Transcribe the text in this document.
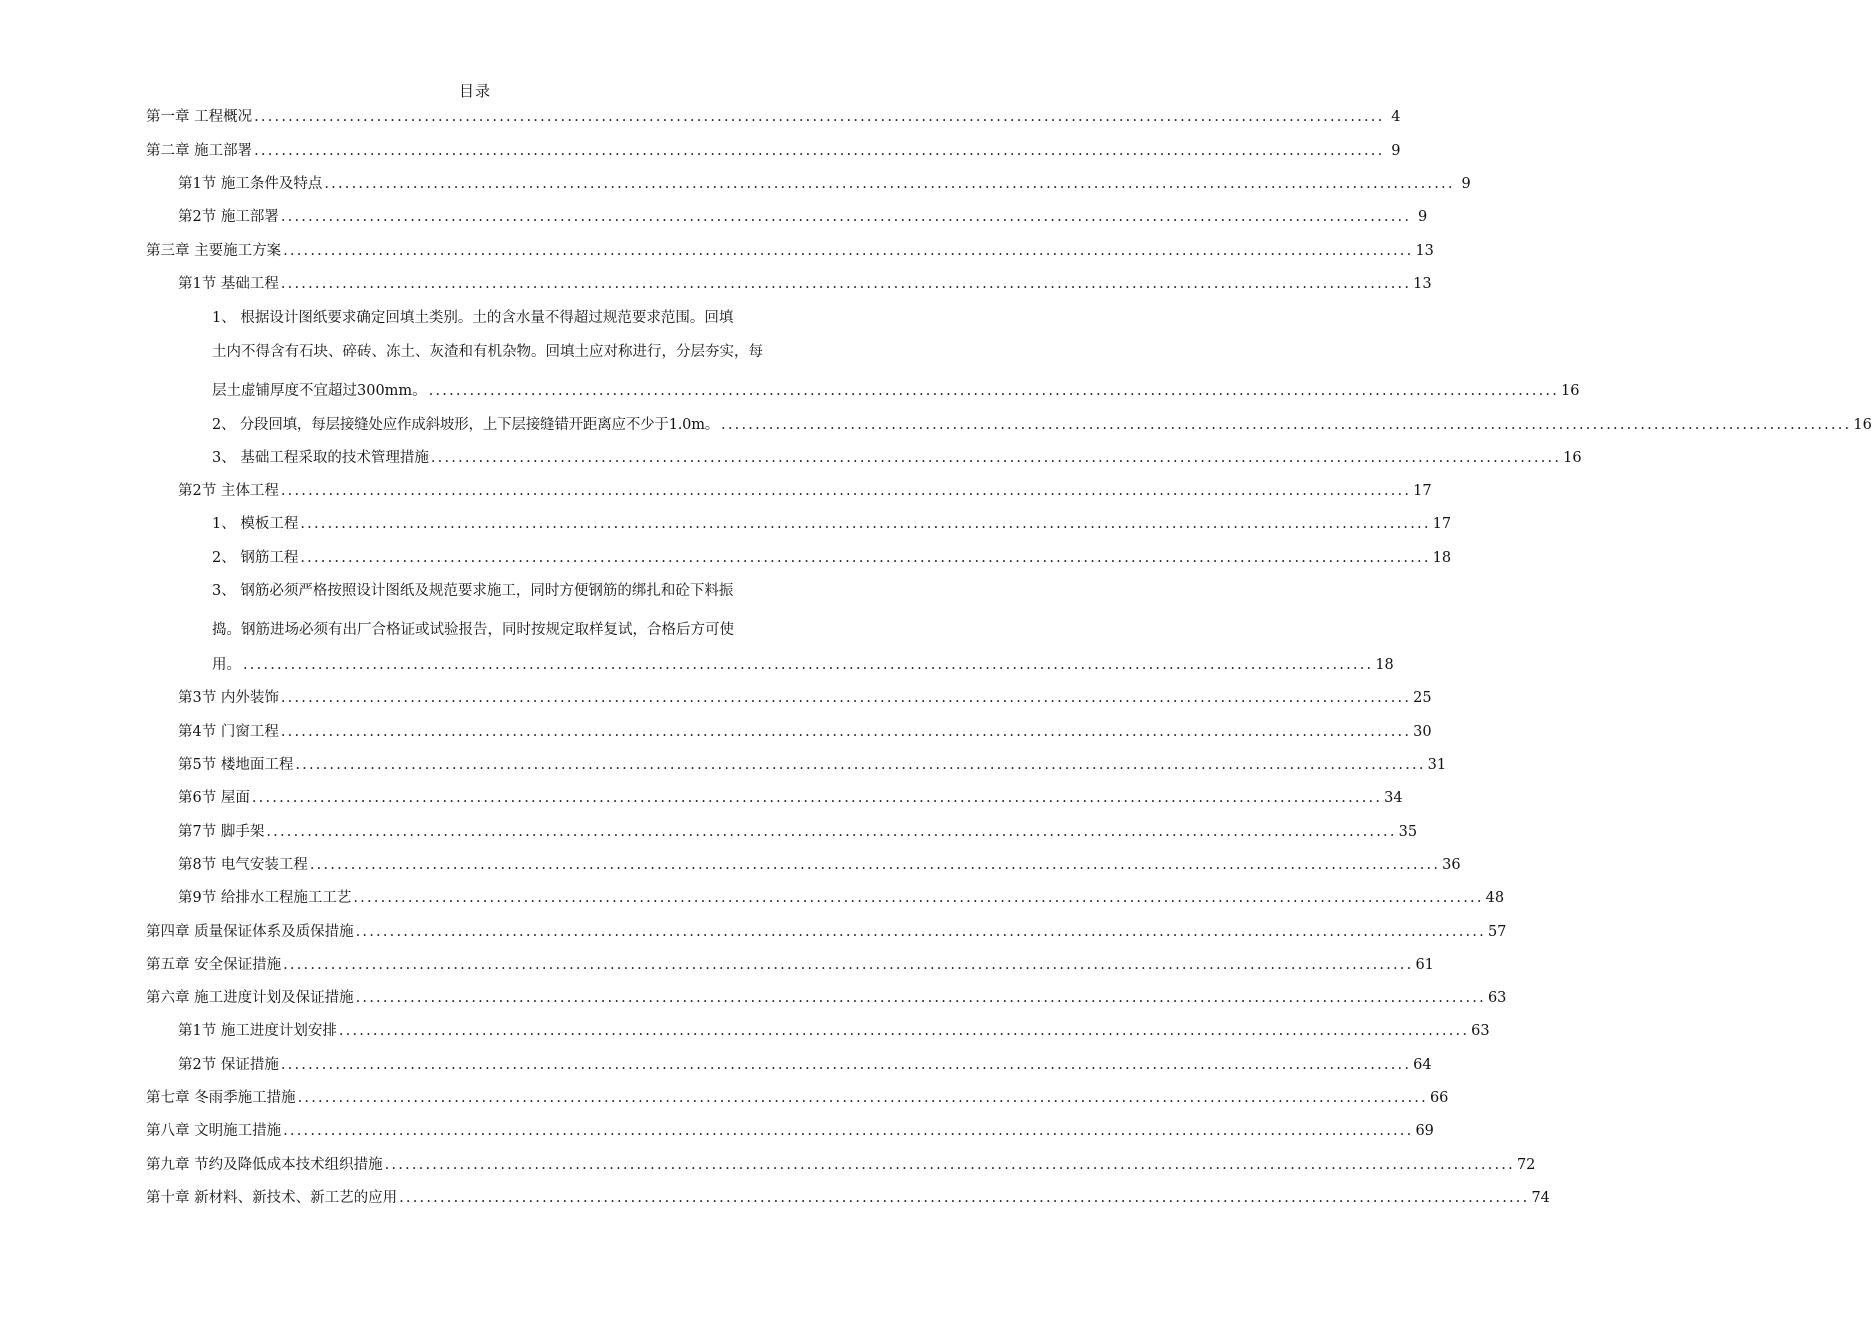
目录
第一章 工程概况 ...................................................................................................................................................................... 4
第二章 施工部署 ...................................................................................................................................................................... 9
第1节 施工条件及特点 ...................................................................................................................................................................... 9
第2节 施工部署 ...................................................................................................................................................................... 9
第三章 主要施工方案 ...................................................................................................................................................................... 13
第1节 基础工程 ...................................................................................................................................................................... 13
1、 根据设计图纸要求确定回填土类别。土的含水量不得超过规范要求范围。回填
土内不得含有石块、碎砖、冻土、灰渣和有机杂物。回填土应对称进行，分层夯实，每
层土虚铺厚度不宜超过300mm。 ...................................................................................................................................................................... 16
2、 分段回填，每层接缝处应作成斜坡形，上下层接缝错开距离应不少于1.0m。 ...................................................................................................................................................................... 16
3、 基础工程采取的技术管理措施 ...................................................................................................................................................................... 16
第2节 主体工程 ...................................................................................................................................................................... 17
1、 模板工程 ...................................................................................................................................................................... 17
2、 钢筋工程 ...................................................................................................................................................................... 18
3、 钢筋必须严格按照设计图纸及规范要求施工，同时方便钢筋的绑扎和砼下料振
捣。钢筋进场必须有出厂合格证或试验报告，同时按规定取样复试，合格后方可使
用。 ...................................................................................................................................................................... 18
第3节 内外装饰 ...................................................................................................................................................................... 25
第4节 门窗工程 ...................................................................................................................................................................... 30
第5节 楼地面工程 ...................................................................................................................................................................... 31
第6节 屋面 ...................................................................................................................................................................... 34
第7节 脚手架 ...................................................................................................................................................................... 35
第8节 电气安装工程 ...................................................................................................................................................................... 36
第9节 给排水工程施工工艺 ...................................................................................................................................................................... 48
第四章 质量保证体系及质保措施 ...................................................................................................................................................................... 57
第五章 安全保证措施 ...................................................................................................................................................................... 61
第六章 施工进度计划及保证措施 ...................................................................................................................................................................... 63
第1节 施工进度计划安排 ...................................................................................................................................................................... 63
第2节 保证措施 ...................................................................................................................................................................... 64
第七章 冬雨季施工措施 ...................................................................................................................................................................... 66
第八章 文明施工措施 ...................................................................................................................................................................... 69
第九章 节约及降低成本技术组织措施 ...................................................................................................................................................................... 72
第十章 新材料、新技术、新工艺的应用 ...................................................................................................................................................................... 74
